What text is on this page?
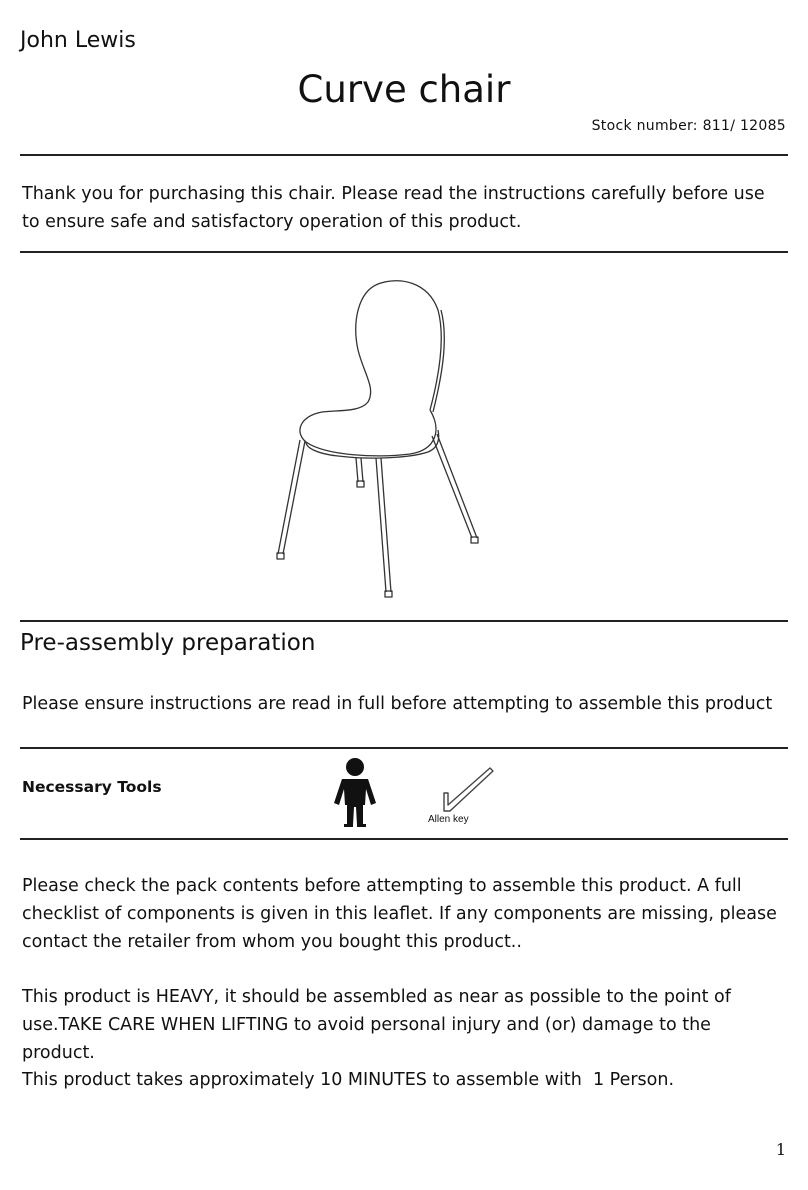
John Lewis
Curve chair
Stock number: 811/ 12085
Thank you for purchasing this chair. Please read the instructions carefully before use to ensure safe and satisfactory operation of this product.
Pre-assembly preparation
Please ensure instructions are read in full before attempting to assemble this product
Necessary Tools
Allen key
Please check the pack contents before attempting to assemble this product. A full checklist of components is given in this leaflet. If any components are missing, please contact the retailer from whom you bought this product..
This product is HEAVY, it should be assembled as near as possible to the point of use.TAKE CARE WHEN LIFTING to avoid personal injury and (or) damage to the product.
This product takes approximately 10 MINUTES to assemble with  1 Person.
1
